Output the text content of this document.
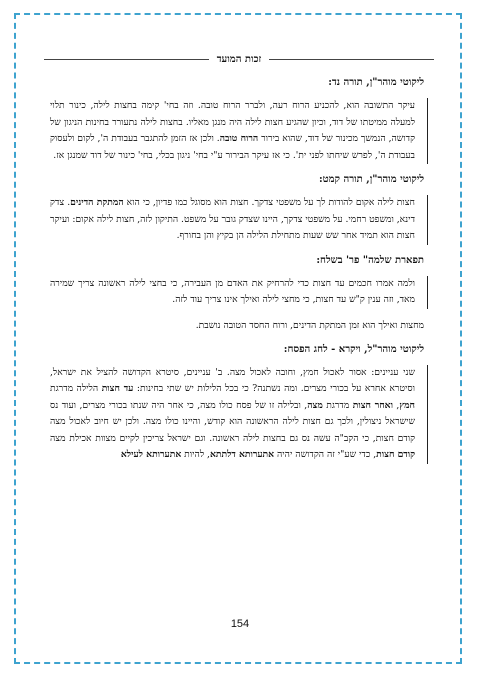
זכות המועד
ליקוטי מוהר"ן, תורה נד:
עיקר התשובה הוא, להכניע הרוח רעה, ולברר הרוח טובה. וזה בחי' קימה בחצות לילה, כינור תלוי למעלה ממיטתו של דוד, וכיון שהגיע חצות לילה היה מנגן מאליו. בחצות לילה נתעורר בחינות הניגון של קדושה, הנמשך מכינור של דוד, שהוא בירור הרוח טובה. ולכן אז הזמן להתגבר בעבודת ה', לקום ולעסוק בעבודת ה', לפרש שיחתו לפני ית'. כי אז עיקר הבירור ע"י בחי' ניגון בכלי, בחי' כינור של דוד שמנגן אז.
ליקוטי מוהר"ן, תורה קמט:
חצות לילה אקום להודות לך על משפטי צדקך. חצות הוא מסוגל כמו פדיון, כי הוא המתקת הדינים. צדק דינא, ומשפט רחמי. על משפטי צדקך, היינו שצדק גובר על משפט. התיקון לזה, חצות לילה אקום: ועיקר חצות הוא תמיד אחר שש שעות מתחילת הלילה הן בקיץ והן בחורף.
תפארת שלמה" פר' בשלח:
ולמה אמרו חכמים עד חצות כדי להרחיק את האדם מן העבירה, כי בחצי לילה ראשונה צריך שמירה מאד, וזה ענין ק"ש עד חצות, כי מחצי לילה ואילך אינו צריך עוד לזה.
מחצות ואילך הוא זמן המתקת הדינים, ורוח החסד הטובה נושבת.
ליקוטי מוהר"ל, ויקרא - לחג הפסח:
שני עניינים: אסור לאכול חמץ, וחובה לאכול מצה. ב' עניינים, סיטרא הקדושה להציל את ישראל, וסיטרא אחרא על בכורי מצרים. ומה נשתנה? כי בכל הלילות יש שתי בחינות: עד חצות הלילה מדרגת חמץ, ואחר חצות מדרגת מצה, ובלילה זו של פסח כולו מצה, כי אחר היה שנתו בכורי מצרים, ועוד נס שישראל ניצולין, ולכך גם חצות לילה הראשונה הוא קודש, והיינו כולו מצה. ולכן יש חיוב לאכול מצה קודם חצות, כי הקב"ה עשה נס גם בחצות לילה ראשונה. וגם ישראל צריכין לקיים מצוות אכילת מצה קודם חצות, כדי שע"י זה הקדושה יהיה אתערותא דלתתא, להיות אתערותא לעילא
154
